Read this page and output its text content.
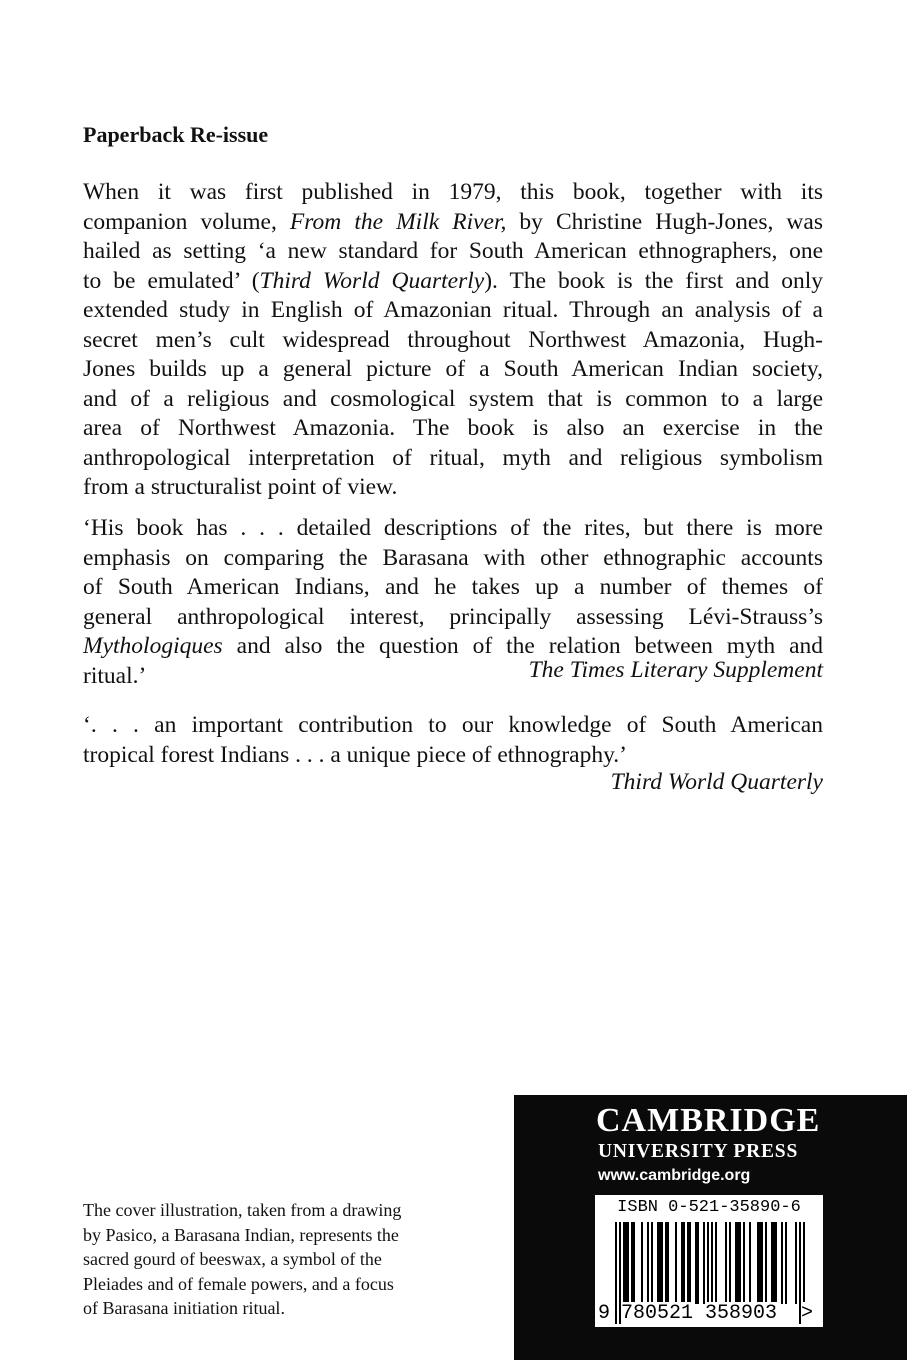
Paperback Re-issue
When it was first published in 1979, this book, together with its
companion volume, From the Milk River, by Christine Hugh-Jones, was
hailed as setting ‘a new standard for South American ethnographers, one
to be emulated’ (Third World Quarterly). The book is the first and only
extended study in English of Amazonian ritual. Through an analysis of a
secret men’s cult widespread throughout Northwest Amazonia, Hugh-
Jones builds up a general picture of a South American Indian society,
and of a religious and cosmological system that is common to a large
area of Northwest Amazonia. The book is also an exercise in the
anthropological interpretation of ritual, myth and religious symbolism
from a structuralist point of view.
‘His book has . . . detailed descriptions of the rites, but there is more
emphasis on comparing the Barasana with other ethnographic accounts
of South American Indians, and he takes up a number of themes of
general anthropological interest, principally assessing Lévi-Strauss’s
Mythologiques and also the question of the relation between myth and
ritual.’	The Times Literary Supplement
‘. . . an important contribution to our knowledge of South American
tropical forest Indians . . . a unique piece of ethnography.’
Third World Quarterly
The cover illustration, taken from a drawing
by Pasico, a Barasana Indian, represents the
sacred gourd of beeswax, a symbol of the
Pleiades and of female powers, and a focus
of Barasana initiation ritual.
CAMBRIDGE
UNIVERSITY PRESS
www.cambridge.org
ISBN 0-521-35890-6
9 780521 358903 >
